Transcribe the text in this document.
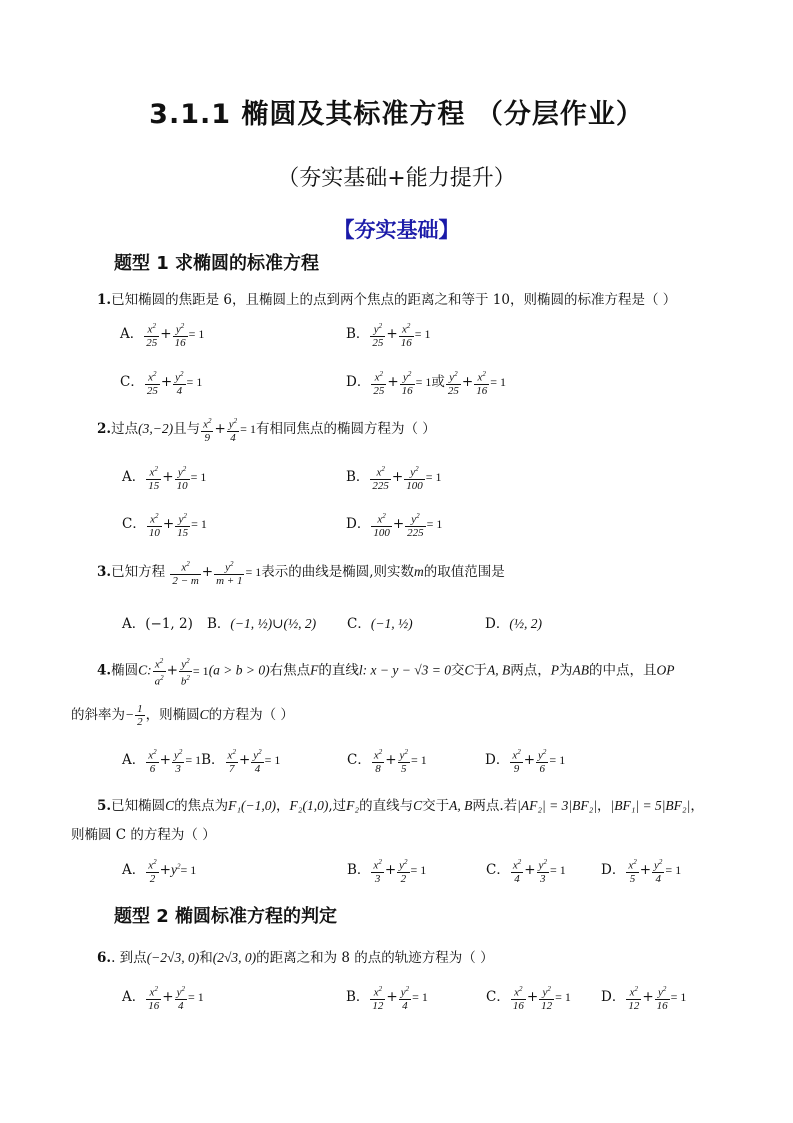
3.1.1 椭圆及其标准方程 （分层作业）
（夯实基础+能力提升）
【夯实基础】
题型 1 求椭圆的标准方程
1.已知椭圆的焦距是 6，且椭圆上的点到两个焦点的距离之和等于 10，则椭圆的标准方程是（ ）
A． $\frac{x^2}{25} + \frac{y^2}{16} = 1$	B． $\frac{y^2}{25} + \frac{x^2}{16} = 1$
C． $\frac{x^2}{25} + \frac{y^2}{4} = 1$	D． $\frac{x^2}{25} + \frac{y^2}{16} = 1$或 $\frac{y^2}{25} + \frac{x^2}{16} = 1$
2.过点(3,−2)且与 $\frac{x^2}{9} + \frac{y^2}{4} = 1$有相同焦点的椭圆方程为（ ）
A． $\frac{x^2}{15} + \frac{y^2}{10} = 1$	B． $\frac{x^2}{225} + \frac{y^2}{100} = 1$
C． $\frac{x^2}{10} + \frac{y^2}{15} = 1$	D． $\frac{x^2}{100} + \frac{y^2}{225} = 1$
3.已知方程 $\frac{x^2}{2 - m} + \frac{y^2}{m + 1} = 1$表示的曲线是椭圆,则实数m的取值范围是
A．(−1, 2) B．(−1, ½)∪(½, 2) C．(−1, ½)	D．(½, 2)
4.椭圆C: $\frac{x^2}{a^2} + \frac{y^2}{b^2} = 1(a > b > 0)$右焦点F的直线l: x − y − √3 = 0交C于A, B两点，P为AB的中点，且OP
的斜率为− $\frac{1}{2}$ ，则椭圆C的方程为（ ）
A． $\frac{x^2}{6} + \frac{y^2}{3} = 1B$． $\frac{x^2}{7} + \frac{y^2}{4} = 1$	C． $\frac{x^2}{8} + \frac{y^2}{5} = 1$	D． $\frac{x^2}{9} + \frac{y^2}{6} = 1$
5.已知椭圆C的焦点为F₁(−1,0)，F₂(1,0),过F₂的直线与C交于A, B两点.若|AF₂| = 3|BF₂|，|BF₁| = 5|BF₂|，
则椭圆 C 的方程为（ ）
A． $\frac{x^2}{2} +y^2= 1$	B． $\frac{x^2}{3} + \frac{y^2}{2} = 1$	C． $\frac{x^2}{4} + \frac{y^2}{3} = 1$	D． $\frac{x^2}{5} + \frac{y^2}{4} = 1$
题型 2 椭圆标准方程的判定
6.. 到点(−2√3, 0)和(2√3, 0)的距离之和为 8 的点的轨迹方程为（ ）
A． $\frac{x^2}{16} + \frac{y^2}{4} = 1$	B． $\frac{x^2}{12} + \frac{y^2}{4} = 1$	C． $\frac{x^2}{16} + \frac{y^2}{12} = 1$ D． $\frac{x^2}{12} + \frac{y^2}{16} = 1$
